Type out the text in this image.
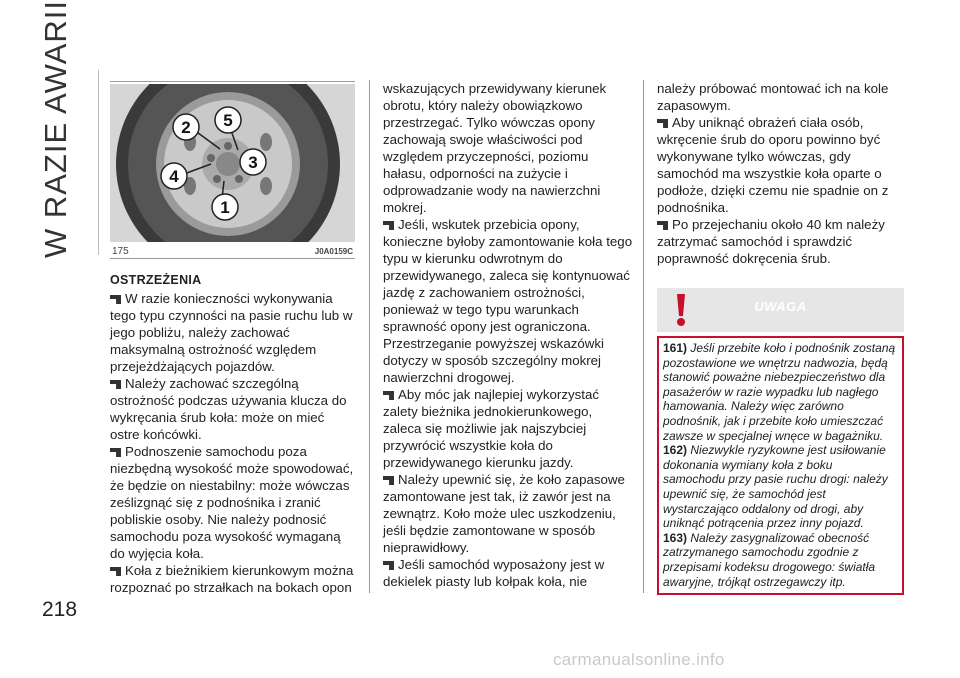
W RAZIE AWARII
218
2 5
4
3
1
175	J0A0159C

OSTRZEŻENIA

W razie konieczności wykonywania tego typu czynności na pasie ruchu lub w jego pobliżu, należy zachować maksymalną ostrożność względem przejeżdżających pojazdów.

Należy zachować szczególną ostrożność podczas używania klucza do wykręcania śrub koła: może on mieć ostre końcówki.

Podnoszenie samochodu poza niezbędną wysokość może spowodować, że będzie on niestabilny: może wówczas ześlizgnąć się z podnośnika i zranić pobliskie osoby. Nie należy podnosić samochodu poza wysokość wymaganą do wyjęcia koła.

Koła z bieżnikiem kierunkowym można rozpoznać po strzałkach na bokach opon

wskazujących przewidywany kierunek obrotu, który należy obowiązkowo przestrzegać. Tylko wówczas opony zachowają swoje właściwości pod względem przyczepności, poziomu hałasu, odporności na zużycie i odprowadzanie wody na nawierzchni mokrej.

Jeśli, wskutek przebicia opony, konieczne byłoby zamontowanie koła tego typu w kierunku odwrotnym do przewidywanego, zaleca się kontynuować jazdę z zachowaniem ostrożności, ponieważ w tego typu warunkach sprawność opony jest ograniczona. Przestrzeganie powyższej wskazówki dotyczy w sposób szczególny mokrej nawierzchni drogowej.

Aby móc jak najlepiej wykorzystać zalety bieżnika jednokierunkowego, zaleca się możliwie jak najszybciej przywrócić wszystkie koła do przewidywanego kierunku jazdy.

Należy upewnić się, że koło zapasowe zamontowane jest tak, iż zawór jest na zewnątrz. Koło może ulec uszkodzeniu, jeśli będzie zamontowane w sposób nieprawidłowy.

Jeśli samochód wyposażony jest w dekielek piasty lub kołpak koła, nie

należy próbować montować ich na kole zapasowym.

Aby uniknąć obrażeń ciała osób, wkręcenie śrub do oporu powinno być wykonywane tylko wówczas, gdy samochód ma wszystkie koła oparte o podłoże, dzięki czemu nie spadnie on z podnośnika.

Po przejechaniu około 40 km należy zatrzymać samochód i sprawdzić poprawność dokręcenia śrub.

UWAGA

161) Jeśli przebite koło i podnośnik zostaną pozostawione we wnętrzu nadwozia, będą stanowić poważne niebezpieczeństwo dla pasażerów w razie wypadku lub nagłego hamowania. Należy więc zarówno podnośnik, jak i przebite koło umieszczać zawsze w specjalnej wnęce w bagażniku.

162) Niezwykle ryzykowne jest usiłowanie dokonania wymiany koła z boku samochodu przy pasie ruchu drogi: należy upewnić się, że samochód jest wystarczająco oddalony od drogi, aby uniknąć potrącenia przez inny pojazd.

163) Należy zasygnalizować obecność zatrzymanego samochodu zgodnie z przepisami kodeksu drogowego: światła awaryjne, trójkąt ostrzegawczy itp.

carmanualsonline.info
